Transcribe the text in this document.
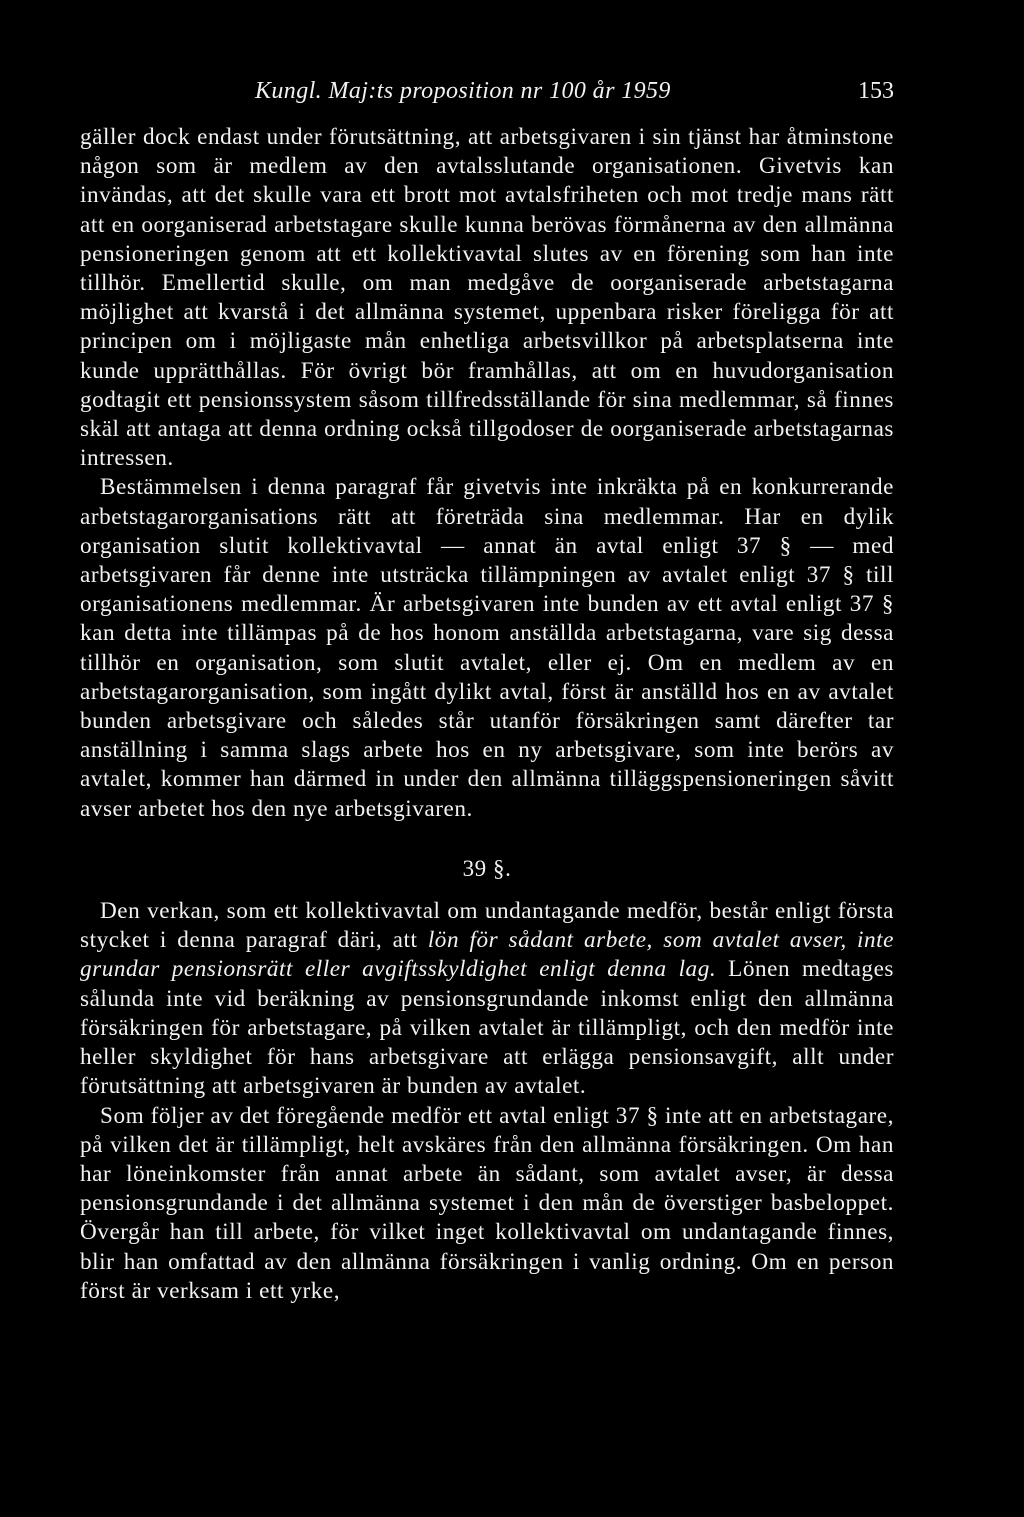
Kungl. Maj:ts proposition nr 100 år 1959	153

gäller dock endast under förutsättning, att arbetsgivaren i sin tjänst har åtminstone någon som är medlem av den avtalsslutande organisationen. Givetvis kan invändas, att det skulle vara ett brott mot avtalsfriheten och mot tredje mans rätt att en oorganiserad arbetstagare skulle kunna berövas förmånerna av den allmänna pensioneringen genom att ett kollektivavtal slutes av en förening som han inte tillhör. Emellertid skulle, om man medgåve de oorganiserade arbetstagarna möjlighet att kvarstå i det allmänna systemet, uppenbara risker föreligga för att principen om i möjligaste mån enhetliga arbetsvillkor på arbetsplatserna inte kunde upprätthållas. För övrigt bör framhållas, att om en huvudorganisation godtagit ett pensionssystem såsom tillfredsställande för sina medlemmar, så finnes skäl att antaga att denna ordning också tillgodoser de oorganiserade arbetstagarnas intressen.

Bestämmelsen i denna paragraf får givetvis inte inkräkta på en konkurrerande arbetstagarorganisations rätt att företräda sina medlemmar. Har en dylik organisation slutit kollektivavtal — annat än avtal enligt 37 § — med arbetsgivaren får denne inte utsträcka tillämpningen av avtalet enligt 37 § till organisationens medlemmar. Är arbetsgivaren inte bunden av ett avtal enligt 37 § kan detta inte tillämpas på de hos honom anställda arbetstagarna, vare sig dessa tillhör en organisation, som slutit avtalet, eller ej. Om en medlem av en arbetstagarorganisation, som ingått dylikt avtal, först är anställd hos en av avtalet bunden arbetsgivare och således står utanför försäkringen samt därefter tar anställning i samma slags arbete hos en ny arbetsgivare, som inte berörs av avtalet, kommer han därmed in under den allmänna tilläggspensioneringen såvitt avser arbetet hos den nye arbetsgivaren.

39 §.

Den verkan, som ett kollektivavtal om undantagande medför, består enligt första stycket i denna paragraf däri, att lön för sådant arbete, som avtalet avser, inte grundar pensionsrätt eller avgiftsskyldighet enligt denna lag. Lönen medtages sålunda inte vid beräkning av pensionsgrundande inkomst enligt den allmänna försäkringen för arbetstagare, på vilken avtalet är tillämpligt, och den medför inte heller skyldighet för hans arbetsgivare att erlägga pensionsavgift, allt under förutsättning att arbetsgivaren är bunden av avtalet.

Som följer av det föregående medför ett avtal enligt 37 § inte att en arbetstagare, på vilken det är tillämpligt, helt avskäres från den allmänna försäkringen. Om han har löneinkomster från annat arbete än sådant, som avtalet avser, är dessa pensionsgrundande i det allmänna systemet i den mån de överstiger basbeloppet. Övergår han till arbete, för vilket inget kollektivavtal om undantagande finnes, blir han omfattad av den allmänna försäkringen i vanlig ordning. Om en person först är verksam i ett yrke,
